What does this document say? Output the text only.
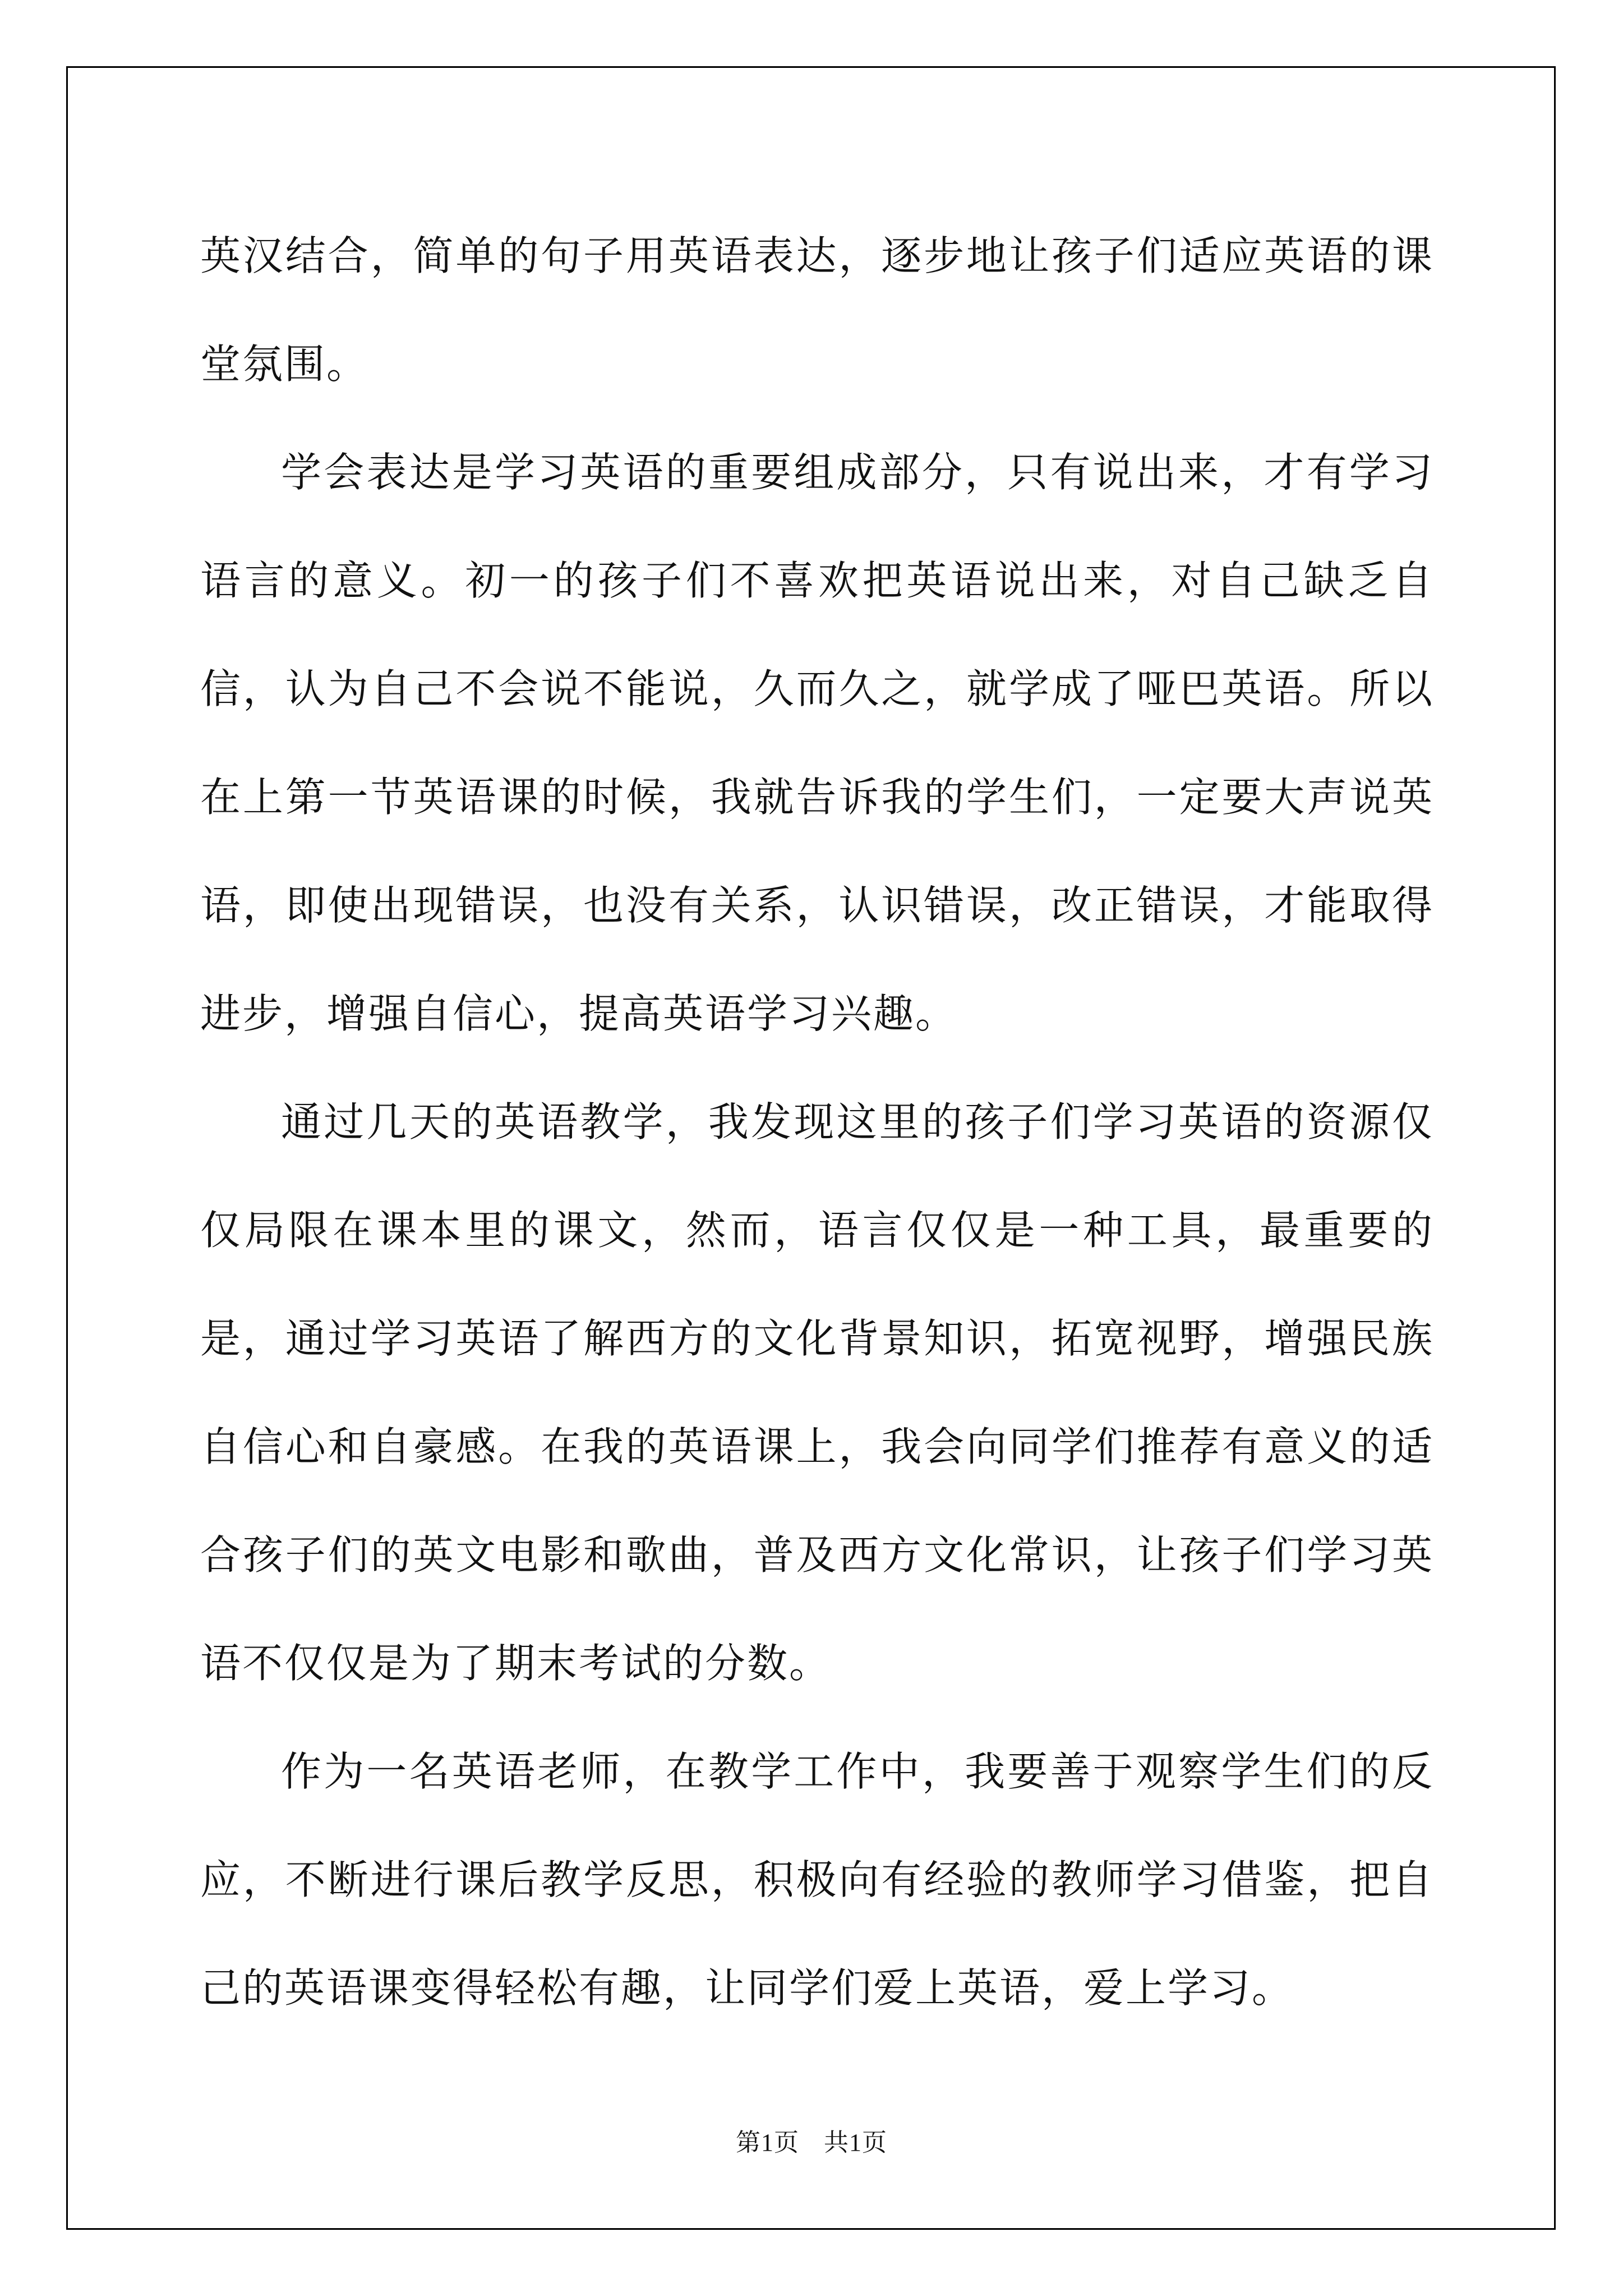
英汉结合，简单的句子用英语表达，逐步地让孩子们适应英语的课堂氛围。

学会表达是学习英语的重要组成部分，只有说出来，才有学习语言的意义。初一的孩子们不喜欢把英语说出来，对自己缺乏自信，认为自己不会说不能说，久而久之，就学成了哑巴英语。所以在上第一节英语课的时候，我就告诉我的学生们，一定要大声说英语，即使出现错误，也没有关系，认识错误，改正错误，才能取得进步，增强自信心，提高英语学习兴趣。

通过几天的英语教学，我发现这里的孩子们学习英语的资源仅仅局限在课本里的课文，然而，语言仅仅是一种工具，最重要的是，通过学习英语了解西方的文化背景知识，拓宽视野，增强民族自信心和自豪感。在我的英语课上，我会向同学们推荐有意义的适合孩子们的英文电影和歌曲，普及西方文化常识，让孩子们学习英语不仅仅是为了期末考试的分数。

作为一名英语老师，在教学工作中，我要善于观察学生们的反应，不断进行课后教学反思，积极向有经验的教师学习借鉴，把自己的英语课变得轻松有趣，让同学们爱上英语，爱上学习。

第1页 共1页
